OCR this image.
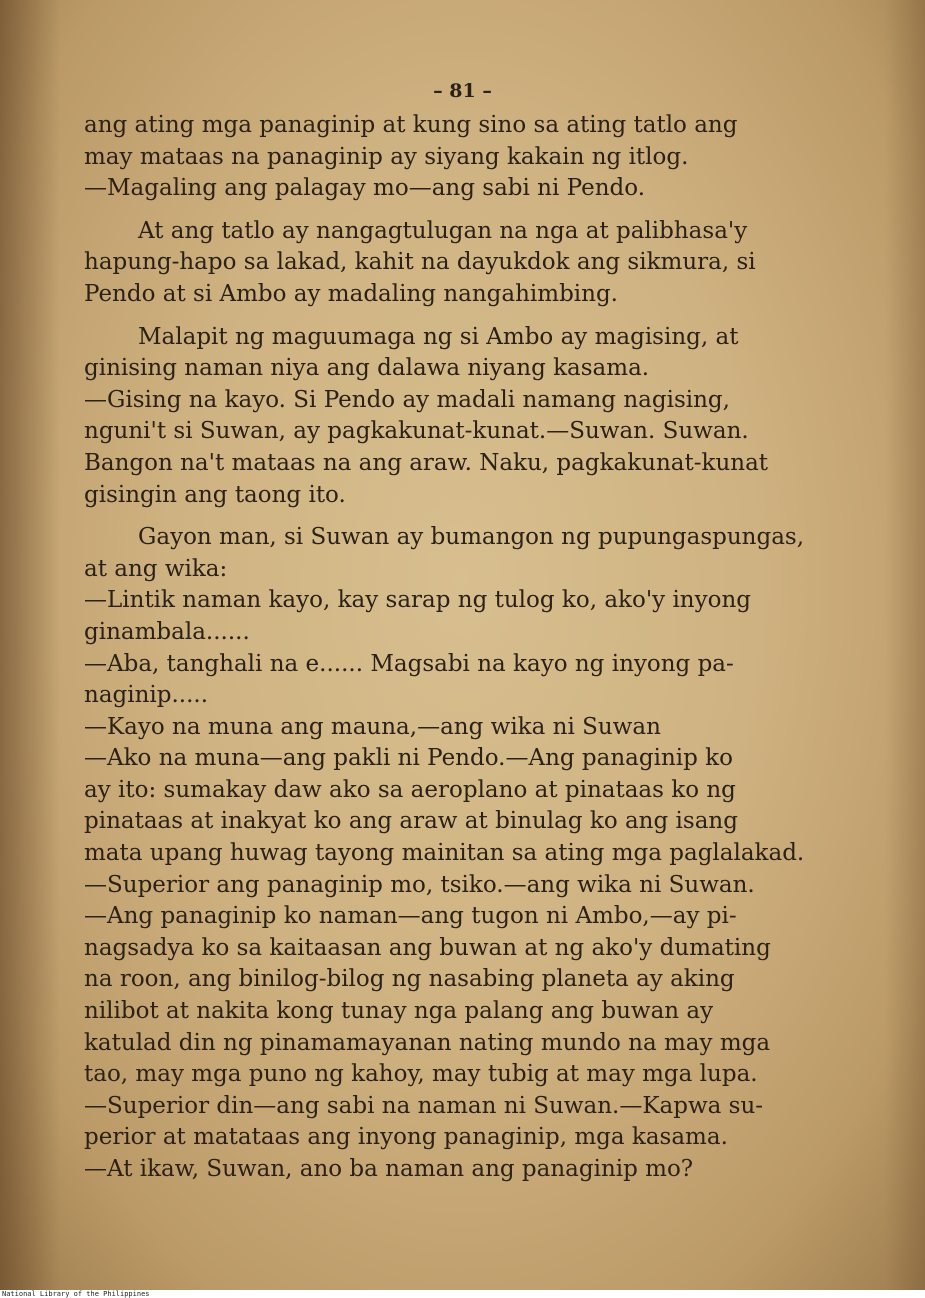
– 81 –

ang ating mga panaginip at kung sino sa ating tatlo ang

may mataas na panaginip ay siyang kakain ng itlog.

—Magaling ang palagay mo—ang sabi ni Pendo.

At ang tatlo ay nangagtulugan na nga at palibhasa'y

hapung-hapo sa lakad, kahit na dayukdok ang sikmura, si

Pendo at si Ambo ay madaling nangahimbing.

Malapit ng maguumaga ng si Ambo ay magising, at

ginising naman niya ang dalawa niyang kasama.

—Gising na kayo. Si Pendo ay madali namang nagising,

nguni't si Suwan, ay pagkakunat-kunat.—Suwan. Suwan.

Bangon na't mataas na ang araw. Naku, pagkakunat-kunat

gisingin ang taong ito.

Gayon man, si Suwan ay bumangon ng pupungaspungas,

at ang wika:

—Lintik naman kayo, kay sarap ng tulog ko, ako'y inyong

ginambala......

—Aba, tanghali na e...... Magsabi na kayo ng inyong pa-

naginip.....

—Kayo na muna ang mauna,—ang wika ni Suwan

—Ako na muna—ang pakli ni Pendo.—Ang panaginip ko

ay ito: sumakay daw ako sa aeroplano at pinataas ko ng

pinataas at inakyat ko ang araw at binulag ko ang isang

mata upang huwag tayong mainitan sa ating mga paglalakad.

—Superior ang panaginip mo, tsiko.—ang wika ni Suwan.

—Ang panaginip ko naman—ang tugon ni Ambo,—ay pi-

nagsadya ko sa kaitaasan ang buwan at ng ako'y dumating

na roon, ang binilog-bilog ng nasabing planeta ay aking

nilibot at nakita kong tunay nga palang ang buwan ay

katulad din ng pinamamayanan nating mundo na may mga

tao, may mga puno ng kahoy, may tubig at may mga lupa.

—Superior din—ang sabi na naman ni Suwan.—Kapwa su-

perior at matataas ang inyong panaginip, mga kasama.

—At ikaw, Suwan, ano ba naman ang panaginip mo?

National Library of the Philippines
